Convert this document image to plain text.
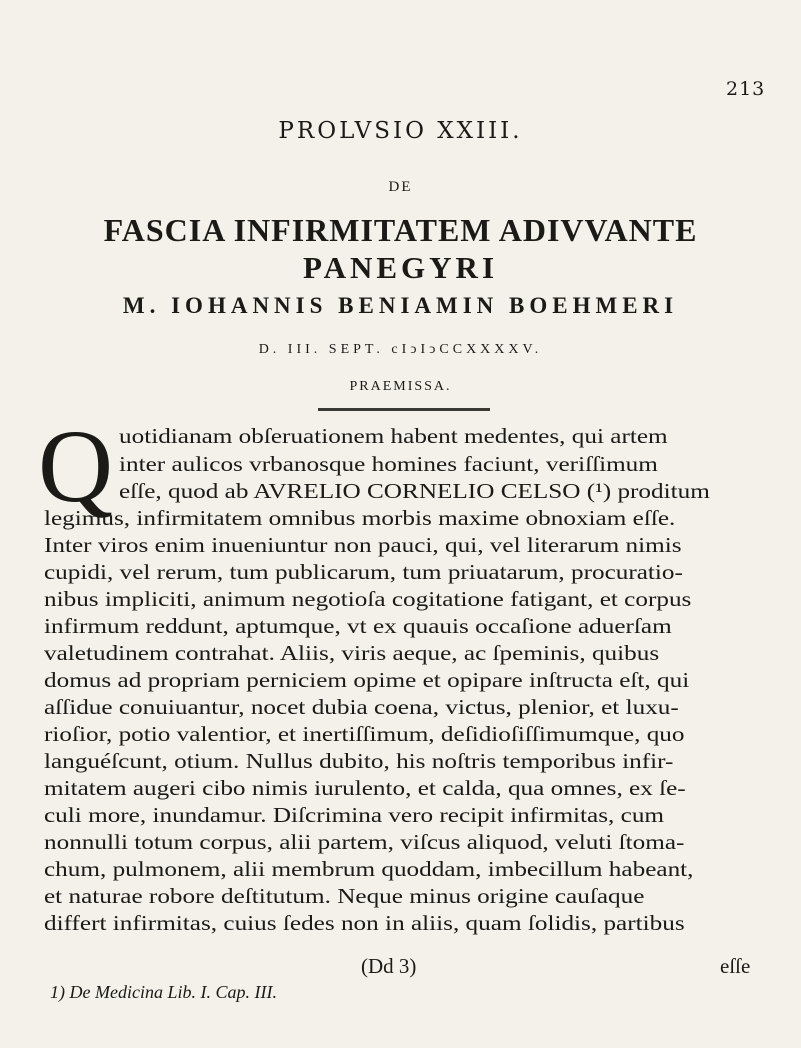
213
PROLVSIO XXIII.
DE
FASCIA INFIRMITATEM ADIVVANTE
PANEGYRI
M. IOHANNIS BENIAMIN BOEHMERI
D. III. SEPT. cIↄIↄCCXXXXV.
PRAEMISSA.
Q uotidianam obſeruationem habent medentes, qui artem
inter aulicos vrbanosque homines faciunt, veriſſimum
eſſe, quod ab AVRELIO CORNELIO CELSO (¹) proditum
legimus, infirmitatem omnibus morbis maxime obnoxiam eſſe.
Inter viros enim inueniuntur non pauci, qui, vel literarum nimis
cupidi, vel rerum, tum publicarum, tum priuatarum, procuratio-
nibus impliciti, animum negotioſa cogitatione fatigant, et corpus
infirmum reddunt, aptumque, vt ex quauis occaſione aduerſam
valetudinem contrahat. Aliis, viris aeque, ac ſpeminis, quibus
domus ad propriam perniciem opime et opipare inſtructa eſt, qui
aſſidue conuiuantur, nocet dubia coena, victus, plenior, et luxu-
rioſior, potio valentior, et inertiſſimum, deſidioſiſſimumque, quo
languéſcunt, otium. Nullus dubito, his noſtris temporibus infir-
mitatem augeri cibo nimis iurulento, et calda, qua omnes, ex ſe-
culi more, inundamur. Diſcrimina vero recipit infirmitas, cum
nonnulli totum corpus, alii partem, viſcus aliquod, veluti ſtoma-
chum, pulmonem, alii membrum quoddam, imbecillum habeant,
et naturae robore deſtitutum. Neque minus origine cauſaque
differt infirmitas, cuius ſedes non in aliis, quam ſolidis, partibus
(Dd 3)	eſſe
1) De Medicina Lib. I. Cap. III.
